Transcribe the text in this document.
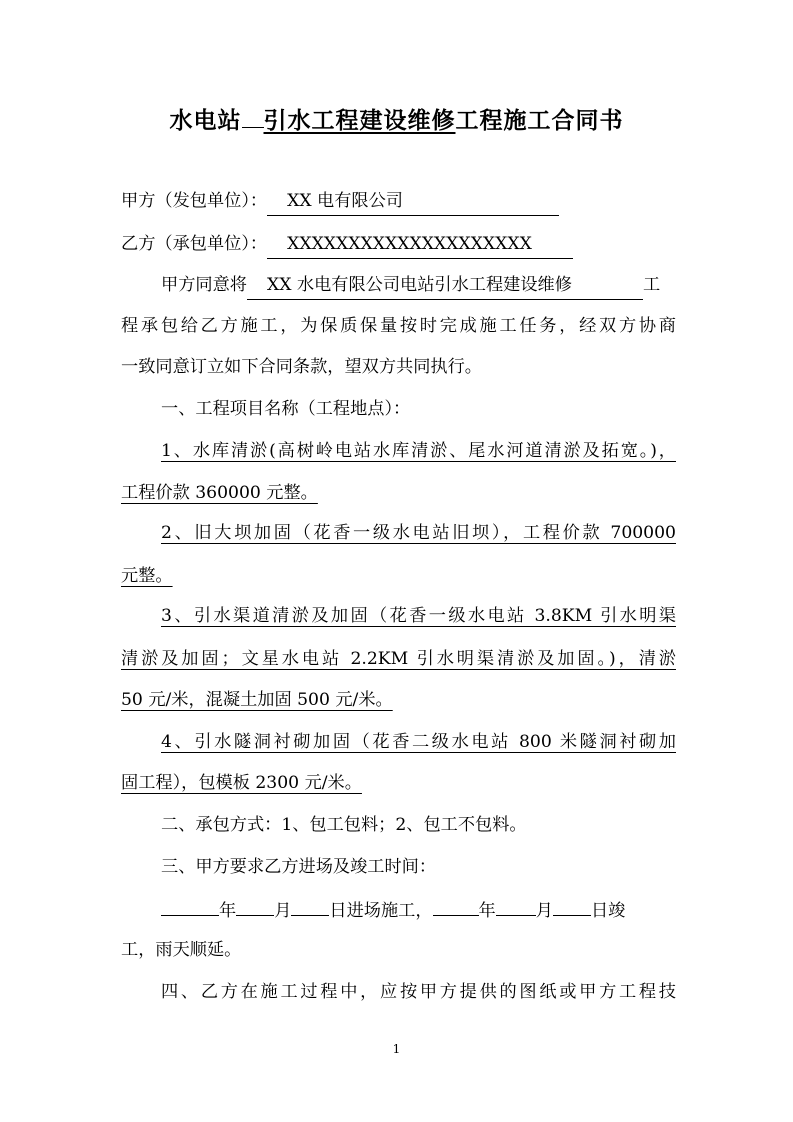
水电站 引水工程建设维修工程施工合同书
甲方（发包单位）： XX 电有限公司
乙方（承包单位）： XXXXXXXXXXXXXXXXXXXX
甲方同意将 XX 水电有限公司电站引水工程建设维修	工
程承包给乙方施工，为保质保量按时完成施工任务，经双方协商
一致同意订立如下合同条款，望双方共同执行。
一、工程项目名称（工程地点）：
1、水库清淤(高树岭电站水库清淤、尾水河道清淤及拓宽。)，
工程价款 360000 元整。
2、旧大坝加固（花香一级水电站旧坝），工程价款 700000
元整。
3、引水渠道清淤及加固（花香一级水电站 3.8KM 引水明渠
清淤及加固；文星水电站 2.2KM 引水明渠清淤及加固。)，清淤
50 元/米，混凝土加固 500 元/米。
4、引水隧洞衬砌加固（花香二级水电站 800 米隧洞衬砌加
固工程），包模板 2300 元/米。
二、承包方式：1、包工包料；2、包工不包料。
三、甲方要求乙方进场及竣工时间：
年 月 日进场施工，	年 月 日竣
工，雨天顺延。
四、乙方在施工过程中，应按甲方提供的图纸或甲方工程技
1
